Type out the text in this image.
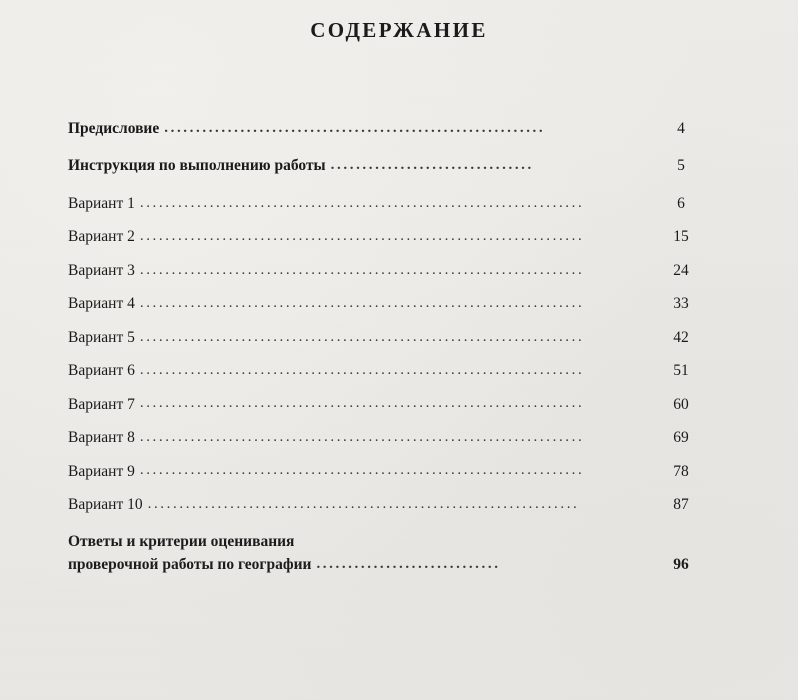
СОДЕРЖАНИЕ
Предисловие ............................................................	4
Инструкция по выполнению работы ................................	5
Вариант 1 ......................................................................	6
Вариант 2 ......................................................................	15
Вариант 3 ......................................................................	24
Вариант 4 ......................................................................	33
Вариант 5 ......................................................................	42
Вариант 6 ......................................................................	51
Вариант 7 ......................................................................	60
Вариант 8 ......................................................................	69
Вариант 9 ......................................................................	78
Вариант 10 ....................................................................	87
Ответы и критерии оценивания
проверочной работы по географии .............................	96
